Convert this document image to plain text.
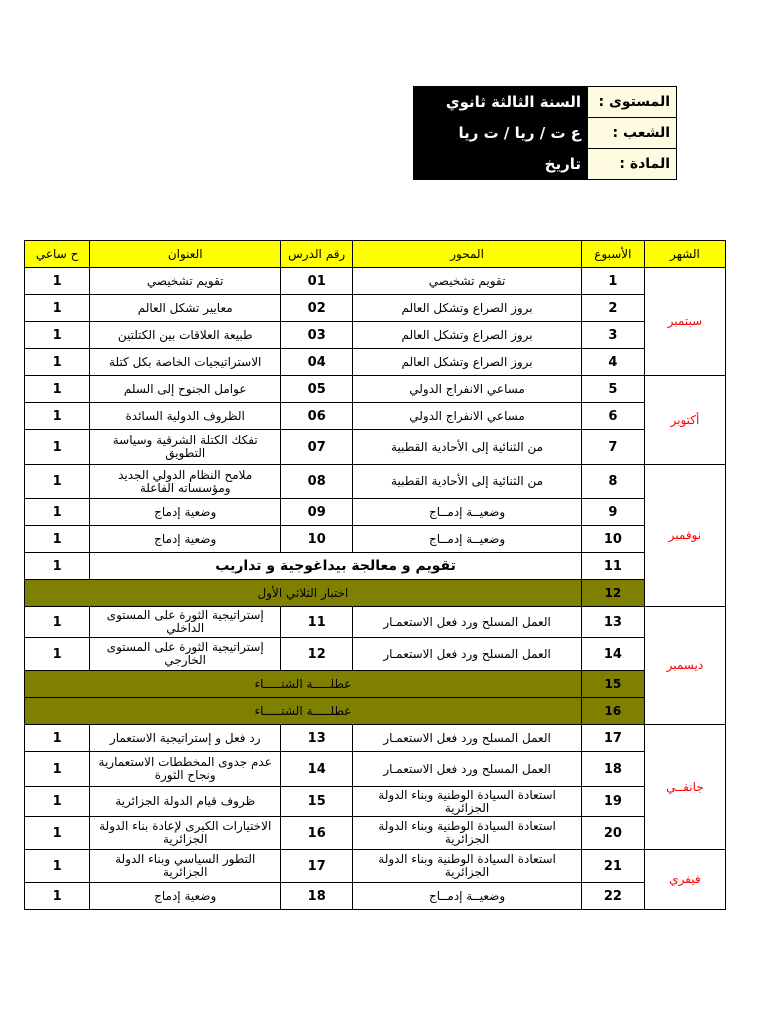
المستوى :	السنة الثالثة ثانوي
الشعب :	ع ت / ريا / ت ريا
المادة :	تاريخ
الشهر	الأسبوع	المحور	رقم الدرس	العنوان	ح ساعي
سبتمبر	1	تقويم تشخيصي	01	تقويم تشخيصي	1
	2	بروز الصراع وتشكل العالم	02	معايير تشكل العالم	1
	3	بروز الصراع وتشكل العالم	03	طبيعة العلاقات بين الكتلتين	1
	4	بروز الصراع وتشكل العالم	04	الاستراتيجيات الخاصة بكل كتلة	1
أكتوبر	5	مساعي الانفراج الدولي	05	عوامل الجنوح إلى السلم	1
	6	مساعي الانفراج الدولي	06	الظروف الدولية السائدة	1
	7	من الثنائية إلى الأحادية القطبية	07	تفكك الكتلة الشرقية وسياسة التطويق	1
نوفمبر	8	من الثنائية إلى الأحادية القطبية	08	ملامح النظام الدولي الجديد ومؤسساته الفاعلة	1
	9	وضعيــة إدمــاج	09	وضعية إدماج	1
	10	وضعيــة إدمــاج	10	وضعية إدماج	1
	11	تقويم و معالجة بيداغوجية و تداريب			1
	12	اختبار الثلاثي الأول			
ديسمبر	13	العمل المسلح ورد فعل الاستعمـار	11	إستراتيجية الثورة على المستوى الداخلي	1
	14	العمل المسلح ورد فعل الاستعمـار	12	إستراتيجية الثورة على المستوى الخارجي	1
	15	عطلـــــة الشتـــــاء			
	16	عطلـــــة الشتـــــاء			
جانفــي	17	العمل المسلح ورد فعل الاستعمـار	13	رد فعل و إستراتيجية الاستعمار	1
	18	العمل المسلح ورد فعل الاستعمـار	14	عدم جدوى المخططات الاستعمارية ونجاح الثورة	1
	19	استعادة السيادة الوطنية وبناء الدولة الجزائرية	15	ظروف قيام الدولة الجزائرية	1
	20	استعادة السيادة الوطنية وبناء الدولة الجزائرية	16	الاختيارات الكبرى لإعادة بناء الدولة الجزائرية	1
فيفري	21	استعادة السيادة الوطنية وبناء الدولة الجزائرية	17	التطور السياسي وبناء الدولة الجزائرية	1
	22	وضعيــة إدمــاج	18	وضعية إدماج	1
